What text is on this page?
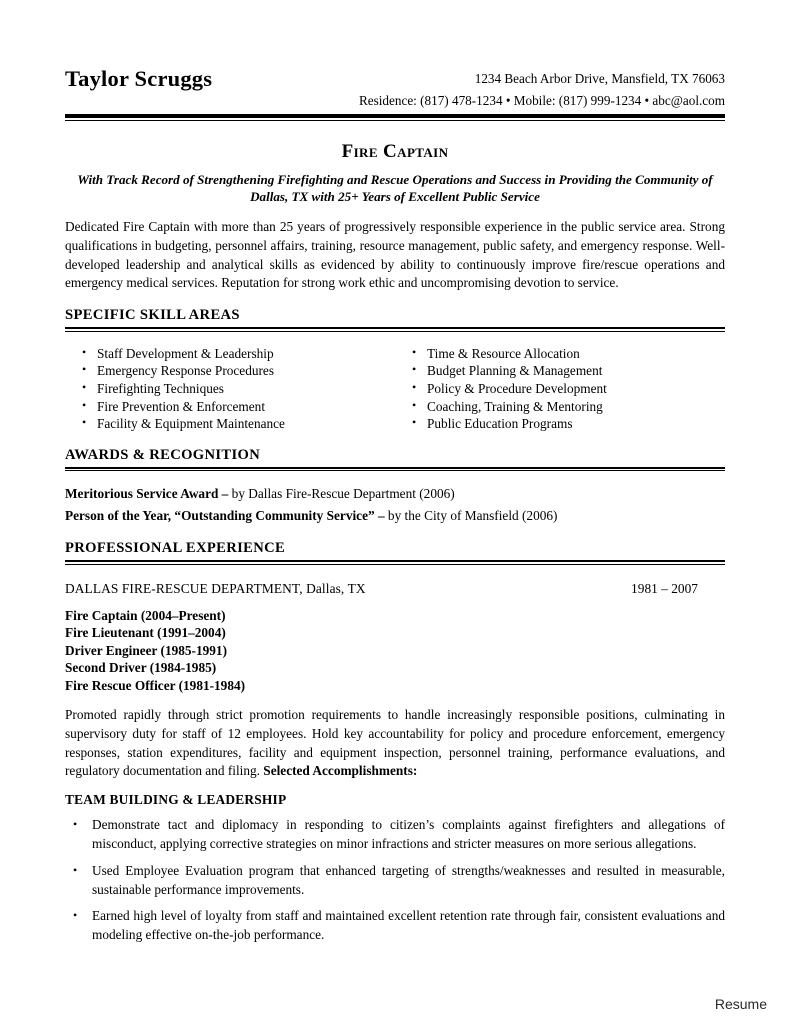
Taylor Scruggs	1234 Beach Arbor Drive, Mansfield, TX 76063
Residence: (817) 478-1234 • Mobile: (817) 999-1234 • abc@aol.com
Fire Captain
With Track Record of Strengthening Firefighting and Rescue Operations and Success in Providing the Community of Dallas, TX with 25+ Years of Excellent Public Service
Dedicated Fire Captain with more than 25 years of progressively responsible experience in the public service area. Strong qualifications in budgeting, personnel affairs, training, resource management, public safety, and emergency response. Well-developed leadership and analytical skills as evidenced by ability to continuously improve fire/rescue operations and emergency medical services. Reputation for strong work ethic and uncompromising devotion to service.
SPECIFIC SKILL AREAS
• Staff Development & Leadership
• Emergency Response Procedures
• Firefighting Techniques
• Fire Prevention & Enforcement
• Facility & Equipment Maintenance
• Time & Resource Allocation
• Budget Planning & Management
• Policy & Procedure Development
• Coaching, Training & Mentoring
• Public Education Programs
AWARDS & RECOGNITION
Meritorious Service Award – by Dallas Fire-Rescue Department (2006)
Person of the Year, “Outstanding Community Service” – by the City of Mansfield (2006)
PROFESSIONAL EXPERIENCE
DALLAS FIRE-RESCUE DEPARTMENT, Dallas, TX	1981 – 2007
Fire Captain (2004–Present)
Fire Lieutenant (1991–2004)
Driver Engineer (1985-1991)
Second Driver (1984-1985)
Fire Rescue Officer (1981-1984)
Promoted rapidly through strict promotion requirements to handle increasingly responsible positions, culminating in supervisory duty for staff of 12 employees. Hold key accountability for policy and procedure enforcement, emergency responses, station expenditures, facility and equipment inspection, personnel training, performance evaluations, and regulatory documentation and filing. Selected Accomplishments:
TEAM BUILDING & LEADERSHIP
• Demonstrate tact and diplomacy in responding to citizen’s complaints against firefighters and allegations of misconduct, applying corrective strategies on minor infractions and stricter measures on more serious allegations.
• Used Employee Evaluation program that enhanced targeting of strengths/weaknesses and resulted in measurable, sustainable performance improvements.
• Earned high level of loyalty from staff and maintained excellent retention rate through fair, consistent evaluations and modeling effective on-the-job performance.
Resume
